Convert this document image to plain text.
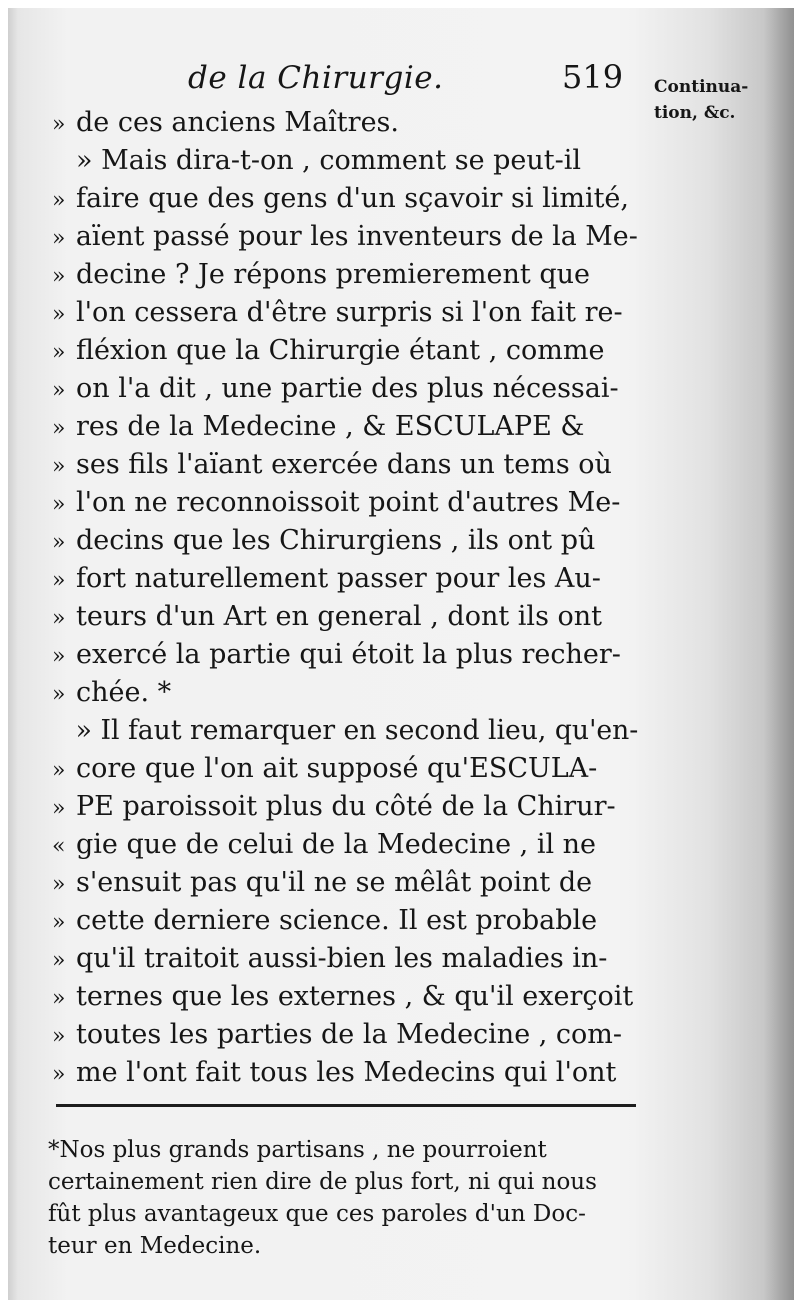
de la Chirurgie.	519 Continua-
tion, &c.
» de ces anciens Maîtres.
» Mais dira-t-on , comment se peut-il
» faire que des gens d'un sçavoir si limité,
» aïent passé pour les inventeurs de la Me-
» decine ? Je répons premierement que
» l'on cessera d'être surpris si l'on fait re-
» fléxion que la Chirurgie étant , comme
» on l'a dit , une partie des plus nécessai-
» res de la Medecine , & ESCULAPE &
» ses fils l'aïant exercée dans un tems où
» l'on ne reconnoissoit point d'autres Me-
» decins que les Chirurgiens , ils ont pû
» fort naturellement passer pour les Au-
» teurs d'un Art en general , dont ils ont
» exercé la partie qui étoit la plus recher-
» chée. *
» Il faut remarquer en second lieu, qu'en-
» core que l'on ait supposé qu'ESCULA-
» PE paroissoit plus du côté de la Chirur-
« gie que de celui de la Medecine , il ne
» s'ensuit pas qu'il ne se mêlât point de
» cette derniere science. Il est probable
» qu'il traitoit aussi-bien les maladies in-
» ternes que les externes , & qu'il exerçoit
» toutes les parties de la Medecine , com-
» me l'ont fait tous les Medecins qui l'ont
*Nos plus grands partisans , ne pourroient
certainement rien dire de plus fort, ni qui nous
fût plus avantageux que ces paroles d'un Doc-
teur en Medecine.
